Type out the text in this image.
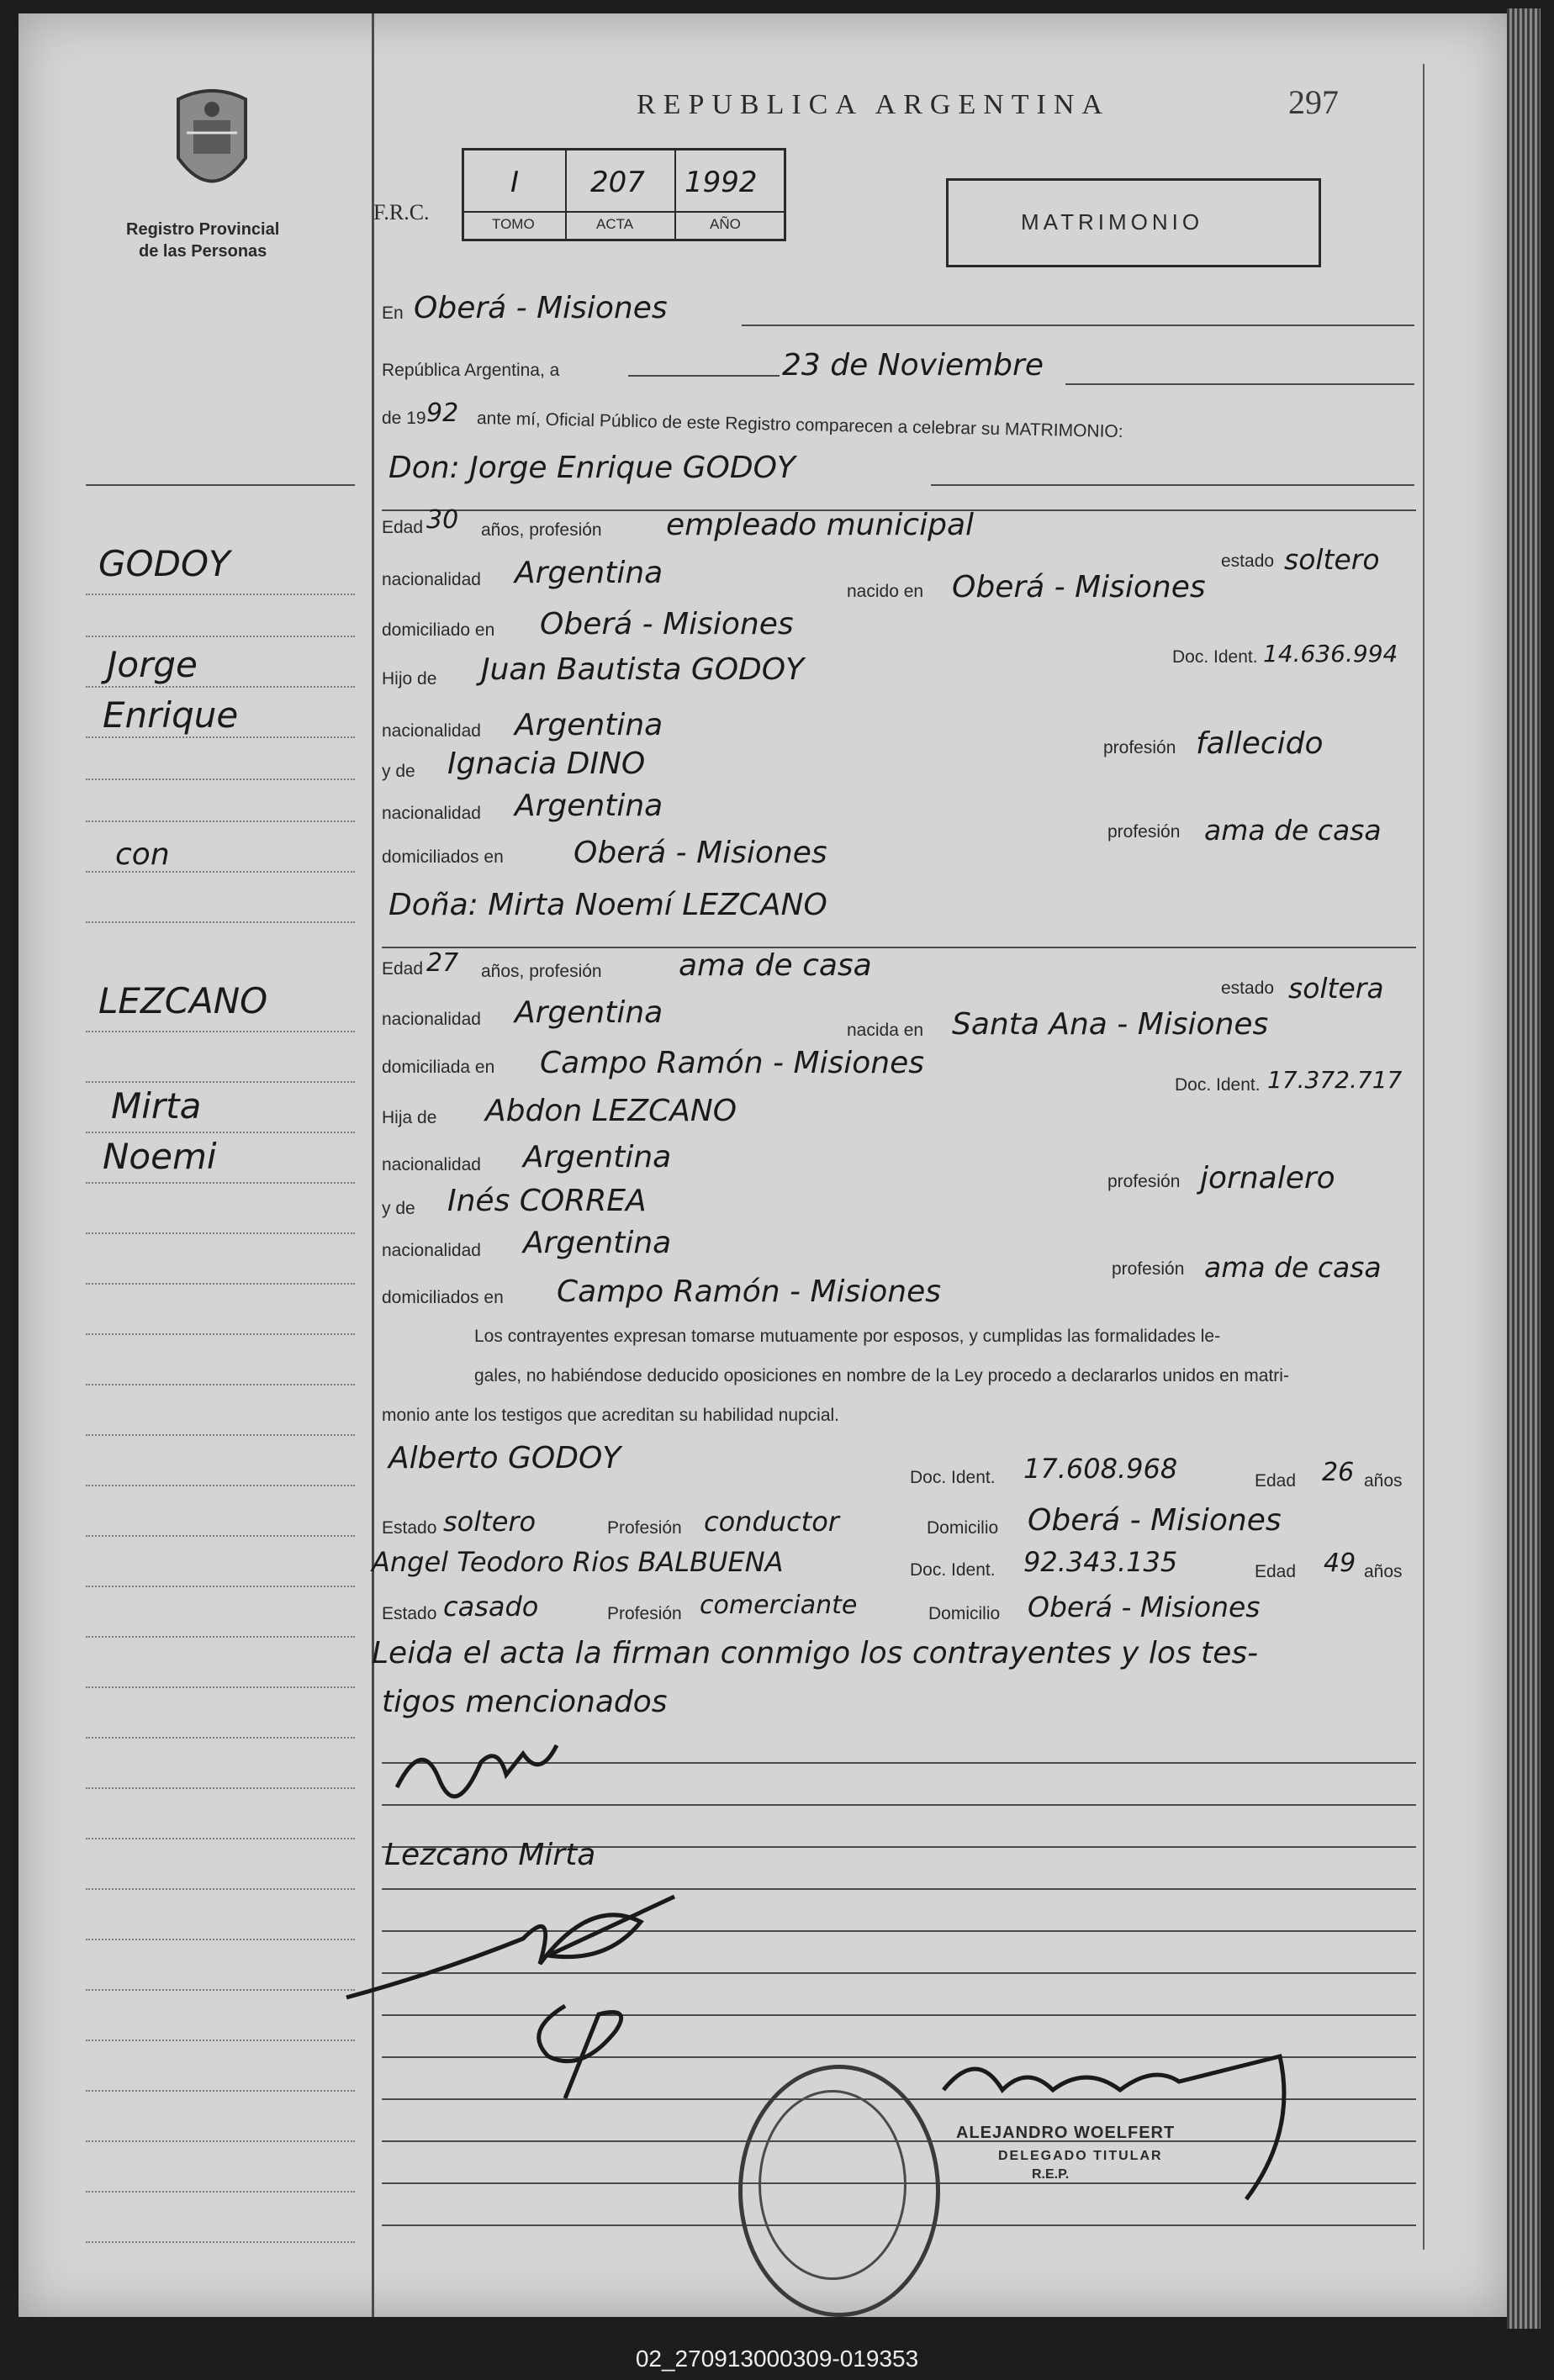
Registro Provincial
de las Personas
REPUBLICA ARGENTINA	297
F.R.C.
I 207 1992
TOMO	ACTA	AÑO	MATRIMONIO
GODOY
Jorge
Enrique
con
LEZCANO
Mirta
Noemi
En Oberá - Misiones
República Argentina, a	23 de Noviembre
de 19 92 ante mí, Oficial Público de este Registro comparecen a celebrar su MATRIMONIO:
Don: Jorge Enrique GODOY
Edad 30 años, profesión empleado municipal
estado soltero
nacionalidad Argentina
nacido en Oberá - Misiones
domiciliado en Oberá - Misiones
Doc. Ident. 14.636.994
Hijo de Juan Bautista GODOY
nacionalidad Argentina
profesión fallecido
y de Ignacia DINO
nacionalidad Argentina
profesión ama de casa
domiciliados en Oberá - Misiones
Doña: Mirta Noemí LEZCANO
Edad 27 años, profesión	ama de casa
estado soltera
nacionalidad Argentina
nacida en Santa Ana - Misiones
domiciliada en Campo Ramón - Misiones
Doc. Ident. 17.372.717
Hija de Abdon LEZCANO
nacionalidad Argentina
profesión jornalero
y de Inés CORREA
nacionalidad Argentina
profesión ama de casa
domiciliados en Campo Ramón - Misiones
Los contrayentes expresan tomarse mutuamente por esposos, y cumplidas las formalidades le-
gales, no habiéndose deducido oposiciones en nombre de la Ley procedo a declararlos unidos en matri-
monio ante los testigos que acreditan su habilidad nupcial.
Alberto GODOY
Doc. Ident. 17.608.968	Edad 26 años
Estado soltero	Profesión conductor	Domicilio Oberá - Misiones
Angel Teodoro Rios BALBUENA	Doc. Ident. 92.343.135	Edad 49 años
Estado casado	Profesión comerciante	Domicilio Oberá - Misiones
Leida el acta la firman conmigo los contrayentes y los tes-
tigos mencionados
Lezcano Mirta
ALEJANDRO WOELFERT
DELEGADO TITULAR
R.E.P.
02_270913000309-019353
